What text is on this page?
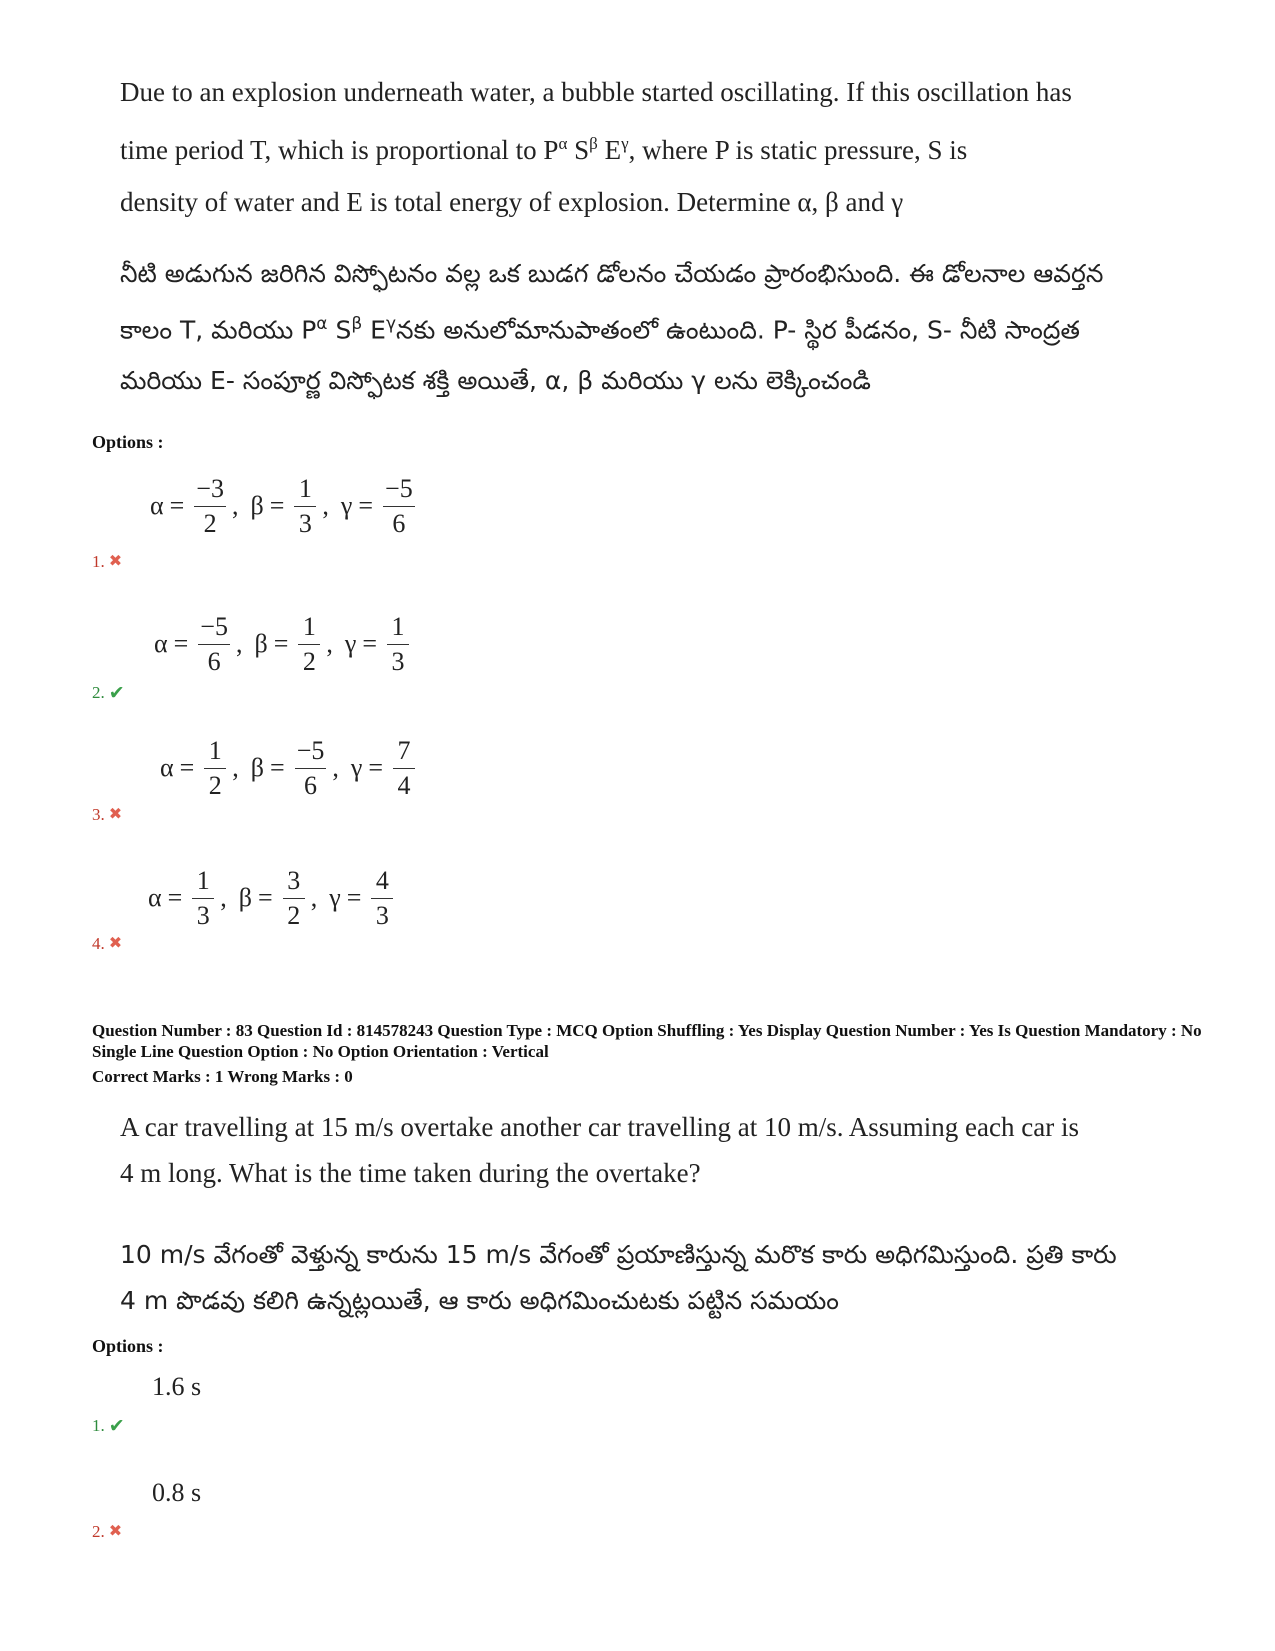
Due to an explosion underneath water, a bubble started oscillating. If this oscillation has
time period T, which is proportional to $P^\alpha$ $S^\beta$ $E^\gamma$, where P is static pressure, S is
density of water and E is total energy of explosion. Determine α, β and γ
నీటి అడుగున జరిగిన విస్ఫోటనం వల్ల ఒక బుడగ డోలనం చేయడం ప్రారంభిసుంది. ఈ డోలనాల ఆవర్తన
కాలం T, మరియు $P^\alpha$ $S^\beta$ $E^\gamma నకు$ అనులోమానుపాతంలో ఉంటుంది. P- స్థిర పీడనం, S- నీటి సాంద్రత
మరియు E- సంపూర్ణ విస్ఫోటక శక్తి అయితే, α, β మరియు γ లను లెక్కించండి
Options :
$\alpha = \frac{-3}{2}$ , $\beta = \frac{1}{3}$ , $\gamma = \frac{-5}{6}$
1. ✖
$\alpha = \frac{-5}{6}$ , $\beta = \frac{1}{2}$ , $\gamma = \frac{1}{3}$
2. ✔
$\alpha = \frac{1}{2}$ , $\beta = \frac{-5}{6}$ , $\gamma = \frac{7}{4}$
3. ✖
$\alpha = \frac{1}{3}$ , $\beta = \frac{3}{2}$ , $\gamma = \frac{4}{3}$
4. ✖
Question Number : 83 Question Id : 814578243 Question Type : MCQ Option Shuffling : Yes Display Question Number : Yes Is Question Mandatory : No Single Line Question Option : No Option Orientation : Vertical
Correct Marks : 1 Wrong Marks : 0
A car travelling at 15 m/s overtake another car travelling at 10 m/s. Assuming each car is
4 m long. What is the time taken during the overtake?
10 m/s వేగంతో వెళ్తున్న కారును 15 m/s వేగంతో ప్రయాణిస్తున్న మరొక కారు అధిగమిస్తుంది. ప్రతి కారు
4 m పొడవు కలిగి ఉన్నట్లయితే, ఆ కారు అధిగమించుటకు పట్టిన సమయం
Options :
1.6 s
1. ✔
0.8 s
2. ✖
